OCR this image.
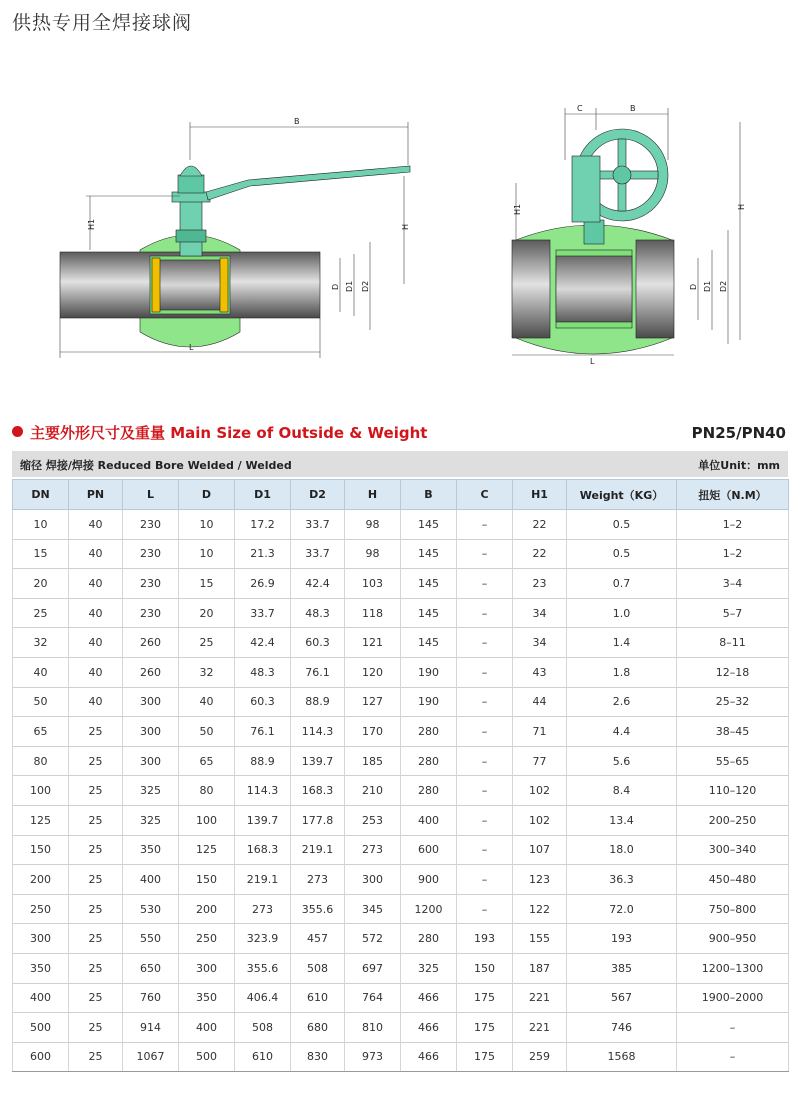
供热专用全焊接球阀
B
H1	H
L
D D1 D2
C	B
H
H1
L
D D1 D2
主要外形尺寸及重量 Main Size of Outside & Weight	PN25/PN40
缩径 焊接/焊接 Reduced Bore Welded / Welded	单位Unit：mm
DN	PN	L	D	D1	D2	H	B	C	H1	Weight（KG）	扭矩（N.M）
10	40	230	10	17.2	33.7	98	145	–	22	0.5	1–2
15	40	230	10	21.3	33.7	98	145	–	22	0.5	1–2
20	40	230	15	26.9	42.4	103	145	–	23	0.7	3–4
25	40	230	20	33.7	48.3	118	145	–	34	1.0	5–7
32	40	260	25	42.4	60.3	121	145	–	34	1.4	8–11
40	40	260	32	48.3	76.1	120	190	–	43	1.8	12–18
50	40	300	40	60.3	88.9	127	190	–	44	2.6	25–32
65	25	300	50	76.1	114.3	170	280	–	71	4.4	38–45
80	25	300	65	88.9	139.7	185	280	–	77	5.6	55–65
100	25	325	80	114.3	168.3	210	280	–	102	8.4	110–120
125	25	325	100	139.7	177.8	253	400	–	102	13.4	200–250
150	25	350	125	168.3	219.1	273	600	–	107	18.0	300–340
200	25	400	150	219.1	273	300	900	–	123	36.3	450–480
250	25	530	200	273	355.6	345	1200	–	122	72.0	750–800
300	25	550	250	323.9	457	572	280	193	155	193	900–950
350	25	650	300	355.6	508	697	325	150	187	385	1200–1300
400	25	760	350	406.4	610	764	466	175	221	567	1900–2000
500	25	914	400	508	680	810	466	175	221	746	–
600	25	1067	500	610	830	973	466	175	259	1568	–
